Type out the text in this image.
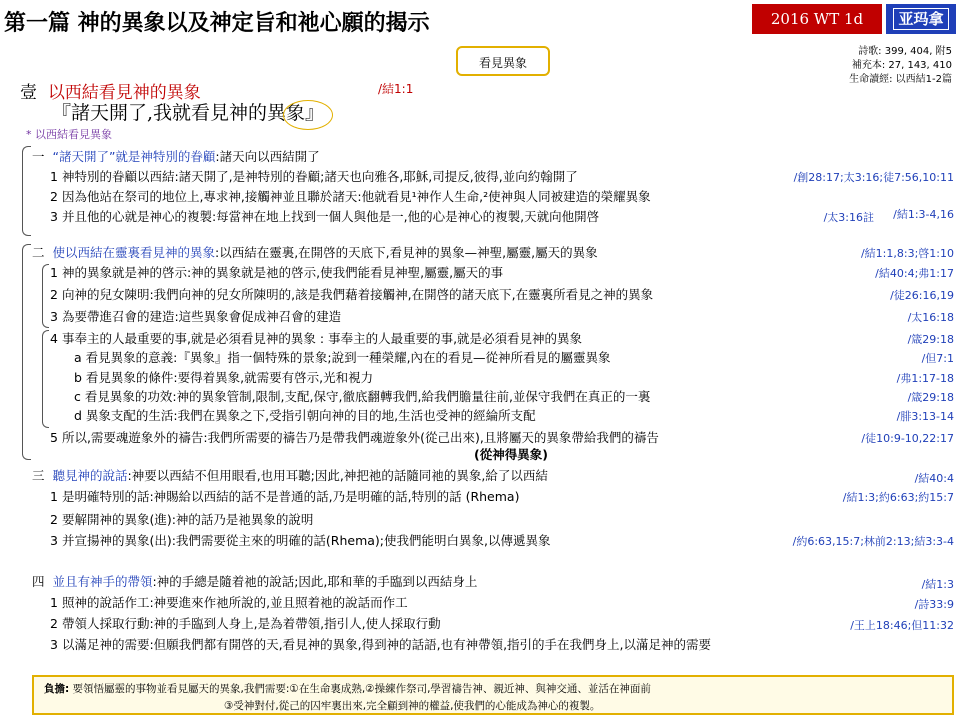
第一篇 神的異象以及神定旨和祂心願的揭示	2016 WT 1d	亚玛拿
詩歌: 399, 404, 附5
補充本: 27, 143, 410
生命讀經: 以西結1-2篇
看見異象
壹 以西結看見神的異象	/結1:1
『諸天開了,我就看見神的異象』
* 以西結看見異象
一 “諸天開了”就是神特別的眷顧:諸天向以西結開了
1 神特別的眷顧以西結:諸天開了,是神特別的眷顧;諸天也向雅各,耶穌,司提反,彼得,並向約翰開了	/創28:17;太3:16;徒7:56,10:11
2 因為他站在祭司的地位上,專求神,接觸神並且聯於諸天:他就看見¹神作人生命,²使神與人同被建造的榮耀異象
3 并且他的心就是神心的複製:每當神在地上找到一個人與他是一,他的心是神心的複製,天就向他開啓	/太3:16註 /結1:3-4,16
二 使以西結在靈裏看見神的異象:以西結在靈裏,在開啓的天底下,看見神的異象—神聖,屬靈,屬天的異象	/結1:1,8:3;啓1:10
1 神的異象就是神的啓示:神的異象就是祂的啓示,使我們能看見神聖,屬靈,屬天的事	/結40:4;弗1:17
2 向神的兒女陳明:我們向神的兒女所陳明的,該是我們藉着接觸神,在開啓的諸天底下,在靈裏所看見之神的異象	/徒26:16,19
3 為要帶進召會的建造:這些異象會促成神召會的建造	/太16:18
4 事奉主的人最重要的事,就是必須看見神的異象 : 事奉主的人最重要的事,就是必須看見神的異象	/箴29:18
a 看見異象的意義:『異象』指一個特殊的景象;說到一種榮耀,內在的看見—從神所看見的屬靈異象	/但7:1
b 看見異象的條件:要得着異象,就需要有啓示,光和視力	/弗1:17-18
c 看見異象的功效:神的異象管制,限制,支配,保守,徹底翻轉我們,給我們膽量往前,並保守我們在真正的一裏	/箴29:18
d 異象支配的生活:我們在異象之下,受指引朝向神的目的地,生活也受神的經綸所支配	/腓3:13-14
5 所以,需要魂遊象外的禱告:我們所需要的禱告乃是帶我們魂遊象外(從己出來),且將屬天的異象帶給我們的禱告	/徒10:9-10,22:17
(從神得異象)
三 聽見神的說話:神要以西結不但用眼看,也用耳聽;因此,神把祂的話隨同祂的異象,給了以西結	/結40:4
1 是明確特別的話:神賜給以西結的話不是普通的話,乃是明確的話,特別的話 (Rhema)	/結1:3;約6:63;約15:7
2 要解開神的異象(進):神的話乃是祂異象的說明
3 并宣揚神的異象(出):我們需要從主來的明確的話(Rhema);使我們能明白異象,以傳遞異象	/約6:63,15:7;林前2:13;結3:3-4
四 並且有神手的帶領:神的手總是隨着祂的說話;因此,耶和華的手臨到以西結身上	/結1:3
1 照神的說話作工:神要進來作祂所說的,並且照着祂的說話而作工	/詩33:9
2 帶領人採取行動:神的手臨到人身上,是為着帶領,指引人,使人採取行動	/王上18:46;但11:32
3 以滿足神的需要:但願我們都有開啓的天,看見神的異象,得到神的話語,也有神帶領,指引的手在我們身上,以滿足神的需要
負擔: 要領悟屬靈的事物並看見屬天的異象,我們需要:①在生命裏成熟,②操練作祭司,學習禱告神、親近神、與神交通、並活在神面前
③受神對付,從己的囚牢裏出來,完全顧到神的權益,使我們的心能成為神心的複製。
